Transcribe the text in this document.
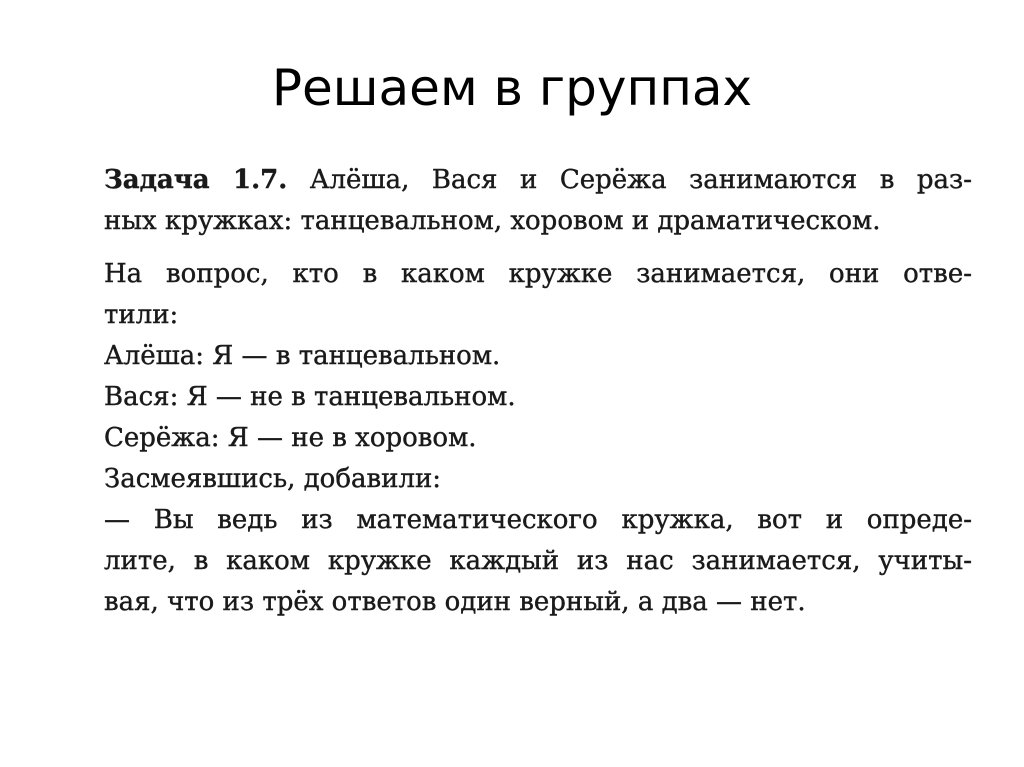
Решаем в группах
Задача 1.7. Алёша, Вася и Серёжа занимаются в раз-
ных кружках: танцевальном, хоровом и драматическом.
На вопрос, кто в каком кружке занимается, они отве-
тили:
Алёша: Я — в танцевальном.
Вася: Я — не в танцевальном.
Серёжа: Я — не в хоровом.
Засмеявшись, добавили:
— Вы ведь из математического кружка, вот и опреде-
лите, в каком кружке каждый из нас занимается, учиты-
вая, что из трёх ответов один верный, а два — нет.
